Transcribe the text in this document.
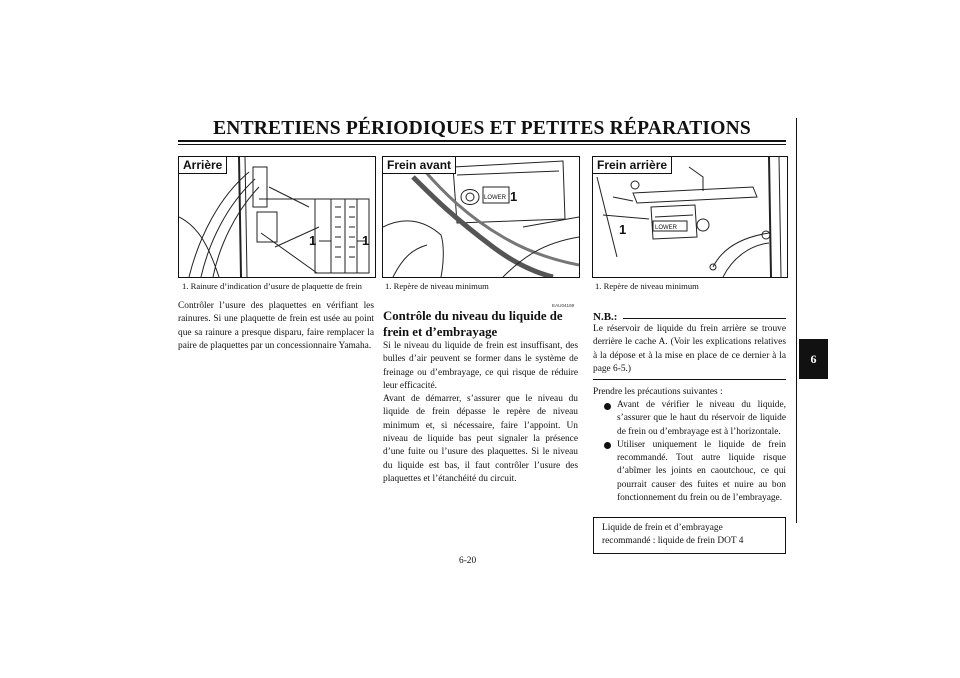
ENTRETIENS PÉRIODIQUES ET PETITES RÉPARATIONS
6
Arrière
1	1
1. Rainure d’indication d’usure de plaquette de frein
Frein avant
LOWER 1
1. Repère de niveau minimum
Frein arrière
LOWER
1
1. Repère de niveau minimum

Contrôler l’usure des plaquettes en vérifiant les rainures. Si une plaquette de frein est usée au point que sa rainure a presque disparu, faire remplacer la paire de plaquettes par un concessionnaire Yamaha.

EAU04169
Contrôle du niveau du liquide de frein et d’embrayage

Si le niveau du liquide de frein est insuffisant, des bulles d’air peuvent se former dans le système de freinage ou d’embrayage, ce qui risque de réduire leur efficacité.

Avant de démarrer, s’assurer que le niveau du liquide de frein dépasse le repère de niveau minimum et, si nécessaire, faire l’appoint. Un niveau de liquide bas peut signaler la présence d’une fuite ou l’usure des plaquettes. Si le niveau du liquide est bas, il faut contrôler l’usure des plaquettes et l’étanchéité du circuit.

N.B.:

Le réservoir de liquide du frein arrière se trouve derrière le cache A. (Voir les explications relatives à la dépose et à la mise en place de ce dernier à la page 6-5.)

Prendre les précautions suivantes :

Avant de vérifier le niveau du liquide, s’assurer que le haut du réservoir de liquide de frein ou d’embrayage est à l’horizontale.
Utiliser uniquement le liquide de frein recommandé. Tout autre liquide risque d’abîmer les joints en caoutchouc, ce qui pourrait causer des fuites et nuire au bon fonctionnement du frein ou de l’embrayage.
Liquide de frein et d’embrayage
recommandé : liquide de frein DOT 4
6-20
